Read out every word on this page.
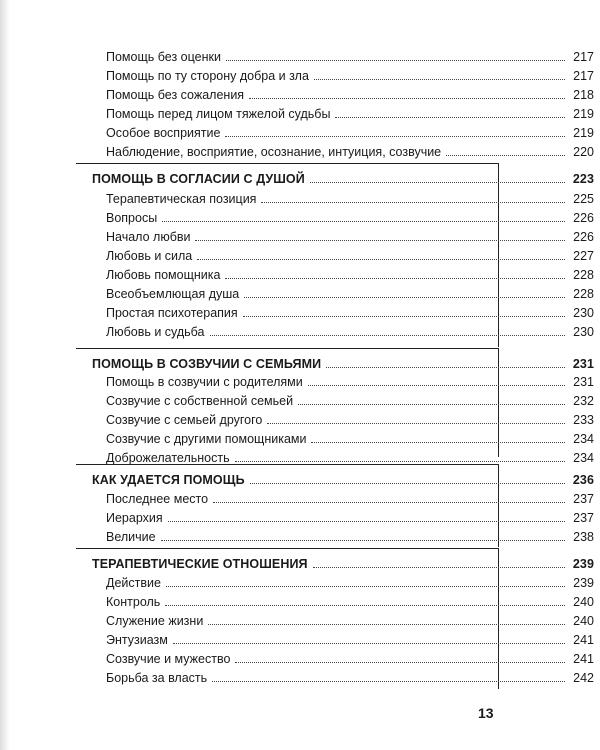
Помощь без оценки	217
Помощь по ту сторону добра и зла	217
Помощь без сожаления	218
Помощь перед лицом тяжелой судьбы	219
Особое восприятие	219
Наблюдение, восприятие, осознание, интуиция, созвучие	220
ПОМОЩЬ В СОГЛАСИИ С ДУШОЙ	223
Терапевтическая позиция	225
Вопросы	226
Начало любви	226
Любовь и сила	227
Любовь помощника	228
Всеобъемлющая душа	228
Простая психотерапия	230
Любовь и судьба	230
ПОМОЩЬ В СОЗВУЧИИ С СЕМЬЯМИ	231
Помощь в созвучии с родителями	231
Созвучие с собственной семьей	232
Созвучие с семьей другого	233
Созвучие с другими помощниками	234
Доброжелательность	234
КАК УДАЕТСЯ ПОМОЩЬ	236
Последнее место	237
Иерархия	237
Величие	238
ТЕРАПЕВТИЧЕСКИЕ ОТНОШЕНИЯ	239
Действие	239
Контроль	240
Служение жизни	240
Энтузиазм	241
Созвучие и мужество	241
Борьба за власть	242
13
